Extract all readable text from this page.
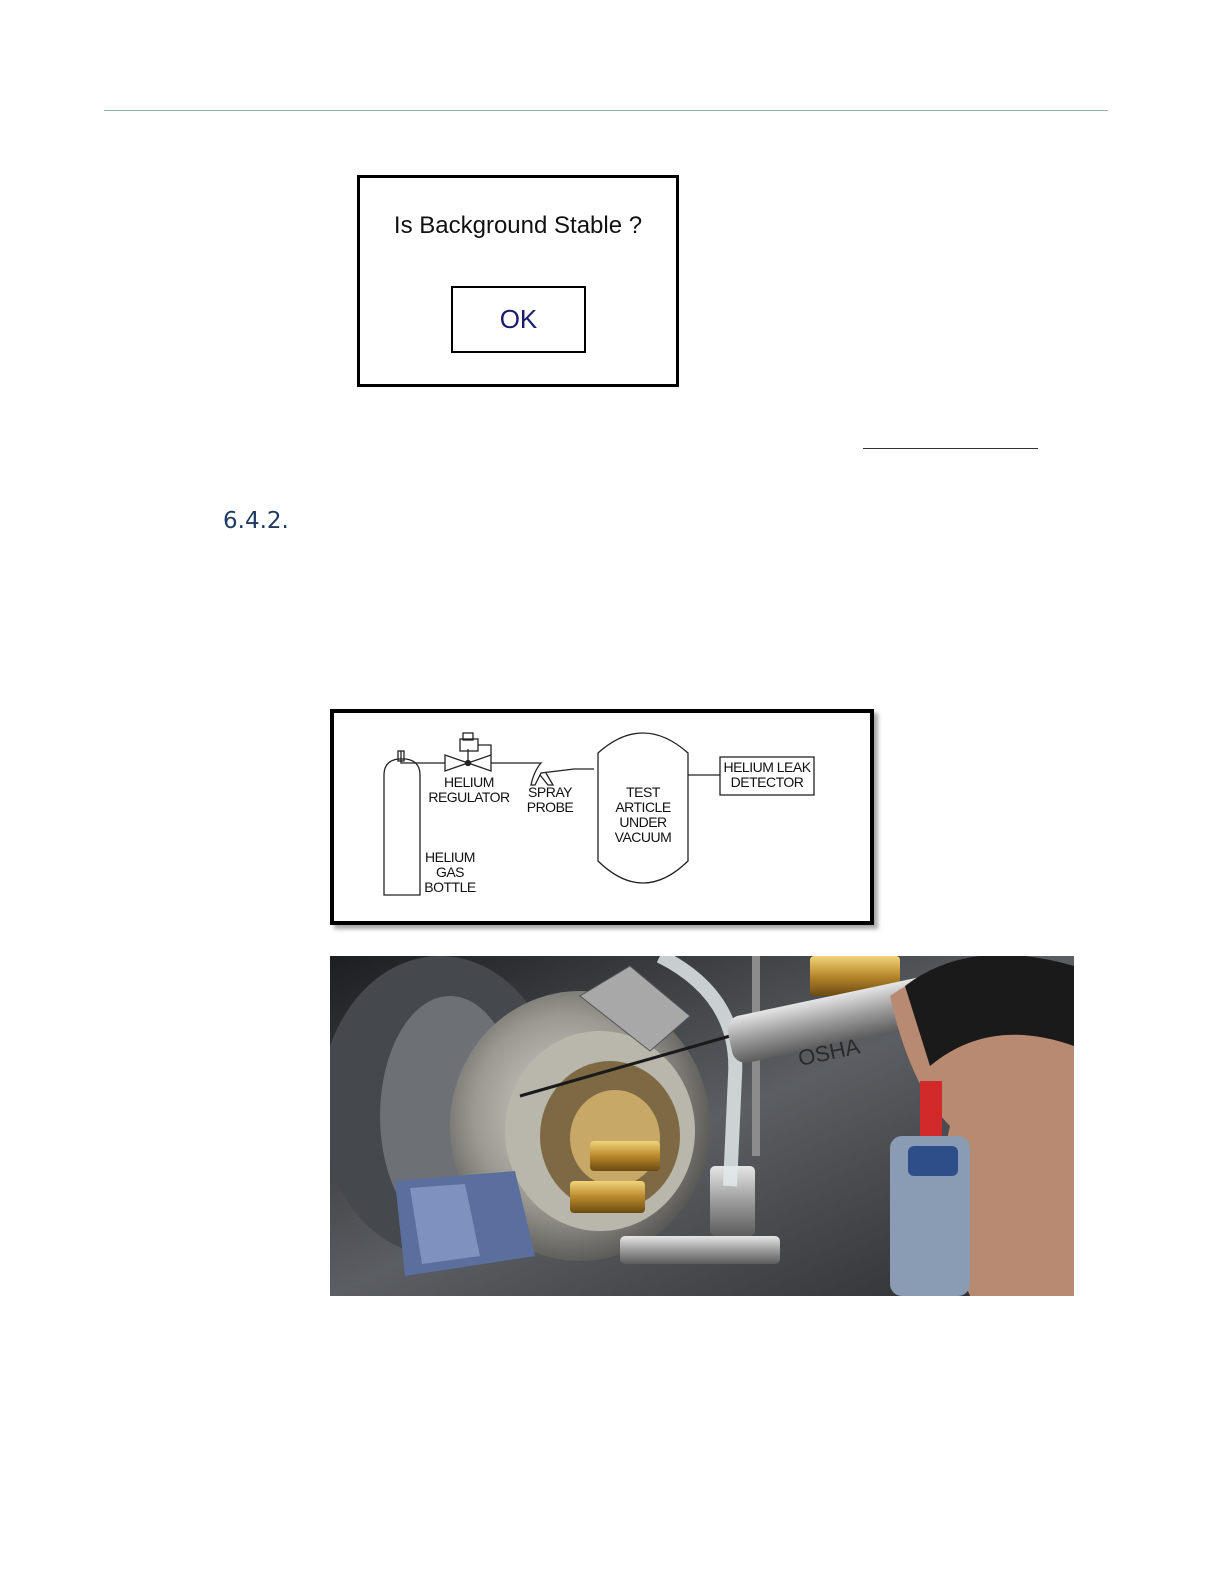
Is Background Stable ?
OK
6.4.2.
HELIUM
REGULATOR	SPRAY
PROBE
TEST
ARTICLE
UNDER
VACUUM
HELIUM LEAK
DETECTOR
HELIUM
GAS
BOTTLE
OSHA
